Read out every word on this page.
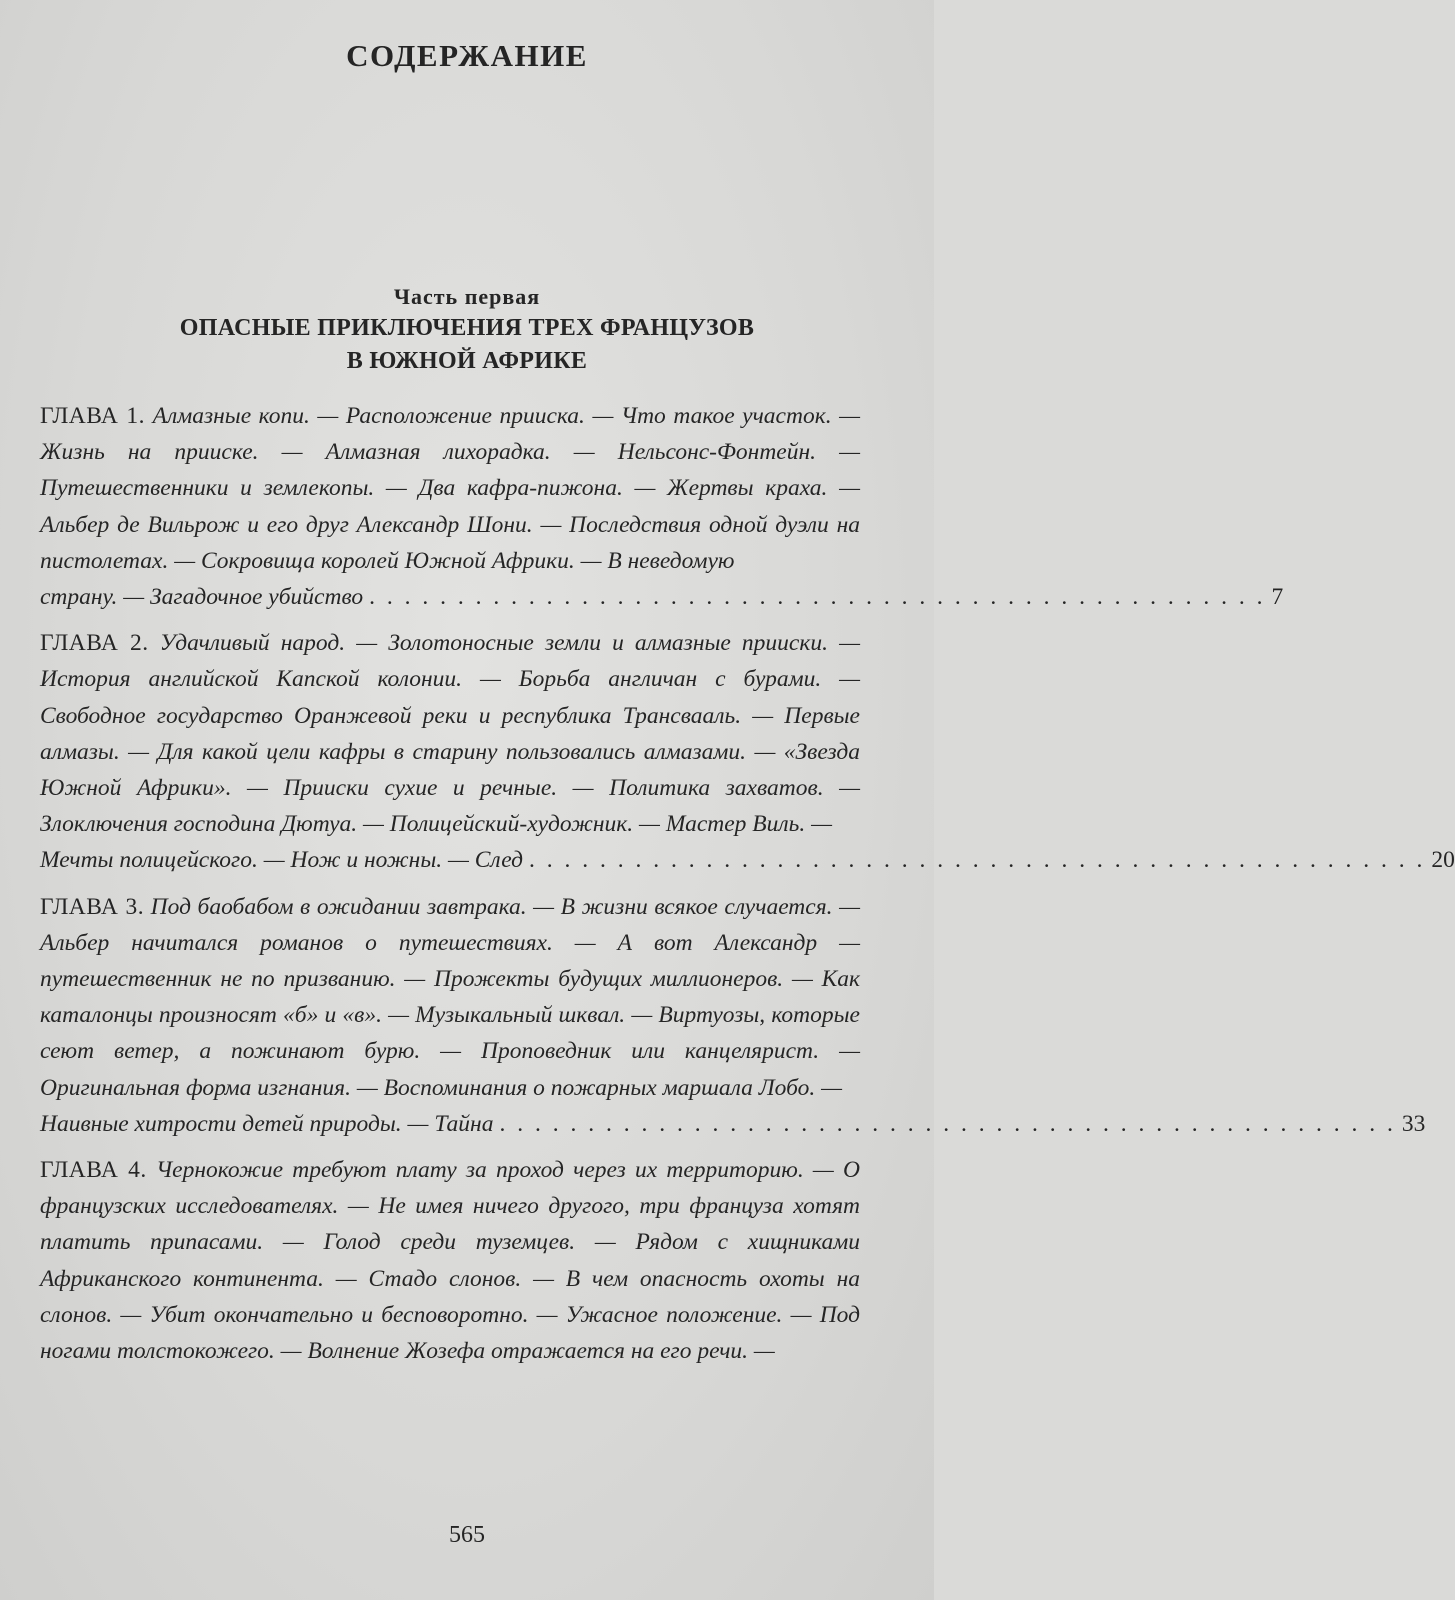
СОДЕРЖАНИЕ
Часть первая
ОПАСНЫЕ ПРИКЛЮЧЕНИЯ ТРЕХ ФРАНЦУЗОВ
В ЮЖНОЙ АФРИКЕ
ГЛАВА 1. Алмазные копи. — Расположение прииска. — Что такое участок. — Жизнь на прииске. — Алмазная лихорадка. — Нельсонс-Фонтейн. — Путешественники и землекопы. — Два кафра-пижона. — Жертвы краха. — Альбер де Вильрож и его друг Александр Шони. — Последствия одной дуэли на пистолетах. — Сокровища королей Южной Африки. — В неведомую
страну. — Загадочное убийство . . . . . . . . . . . . . . . . . . . . . . . . . . . . . . . . . . . . . . . . . . . . . . . . . . . 7
ГЛАВА 2. Удачливый народ. — Золотоносные земли и алмазные прииски. — История английской Капской колонии. — Борьба англичан с бурами. — Свободное государство Оранжевой реки и республика Трансвааль. — Первые алмазы. — Для какой цели кафры в старину пользовались алмазами. — «Звезда Южной Африки». — Прииски сухие и речные. — Политика захватов. — Злоключения господина Дютуа. — Полицейский-художник. — Мастер Виль. —
Мечты полицейского. — Нож и ножны. — След . . . . . . . . . . . . . . . . . . . . . . . . . . . . . . . . . . . . . . . . . . . . . . . . . . . 20
ГЛАВА 3. Под баобабом в ожидании завтрака. — В жизни всякое случается. — Альбер начитался романов о путешествиях. — А вот Александр — путешественник не по призванию. — Прожекты будущих миллионеров. — Как каталонцы произносят «б» и «в». — Музыкальный шквал. — Виртуозы, которые сеют ветер, а пожинают бурю. — Проповедник или канцелярист. — Оригинальная форма изгнания. — Воспоминания о пожарных маршала Лобо. —
Наивные хитрости детей природы. — Тайна . . . . . . . . . . . . . . . . . . . . . . . . . . . . . . . . . . . . . . . . . . . . . . . . . . . 33
ГЛАВА 4. Чернокожие требуют плату за проход через их территорию. — О французских исследователях. — Не имея ничего другого, три француза хотят платить припасами. — Голод среди туземцев. — Рядом с хищниками Африканского континента. — Стадо слонов. — В чем опасность охоты на слонов. — Убит окончательно и бесповоротно. — Ужасное положение. — Под ногами толстокожего. — Волнение Жозефа отражается на его речи. —
565
